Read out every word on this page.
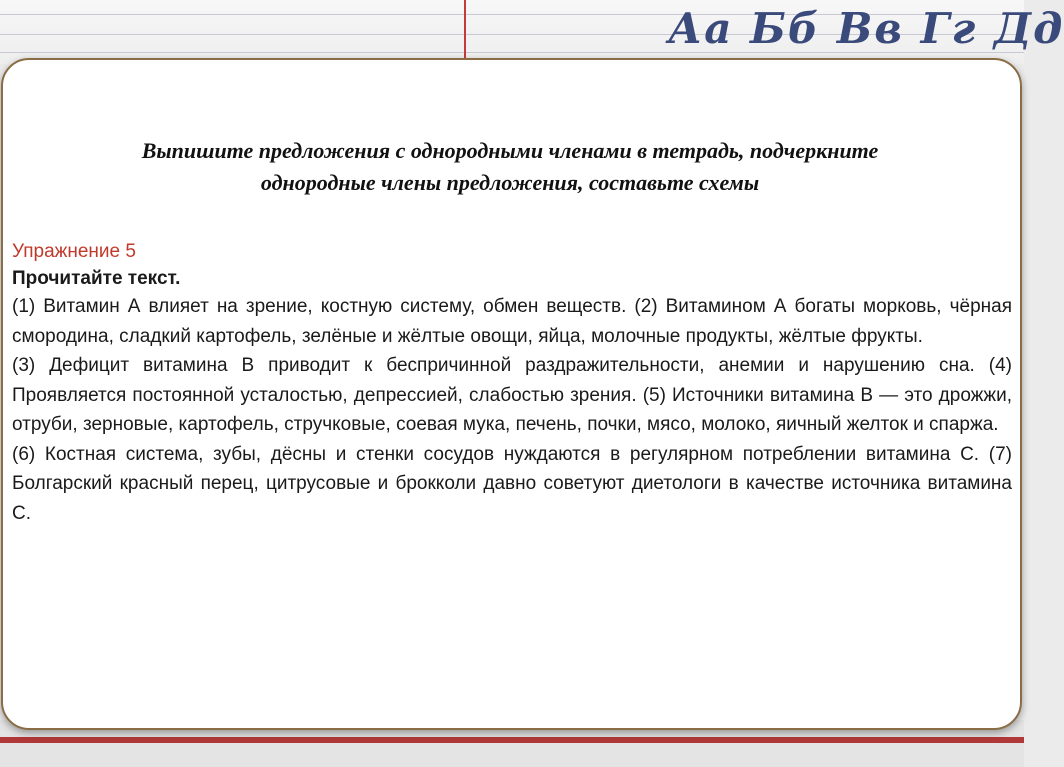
Аа Бб Вв Гг Дд
Выпишите предложения с однородными членами в тетрадь, подчеркните
однородные члены предложения, составьте схемы
Упражнение 5
Прочитайте текст.

(1) Витамин А влияет на зрение, костную систему, обмен веществ. (2) Витамином А богаты морковь, чёрная смородина, сладкий картофель, зелёные и жёлтые овощи, яйца, молочные продукты, жёлтые фрукты.

(3) Дефицит витамина В приводит к беспричинной раздражительности, анемии и нарушению сна. (4) Проявляется постоянной усталостью, депрессией, слабостью зрения. (5) Источники витамина В — это дрожжи, отруби, зерновые, картофель, стручковые, соевая мука, печень, почки, мясо, молоко, яичный желток и спаржа.

(6) Костная система, зубы, дёсны и стенки сосудов нуждаются в регулярном потреблении витамина С. (7) Болгарский красный перец, цитрусовые и брокколи давно советуют диетологи в качестве источника витамина С.
